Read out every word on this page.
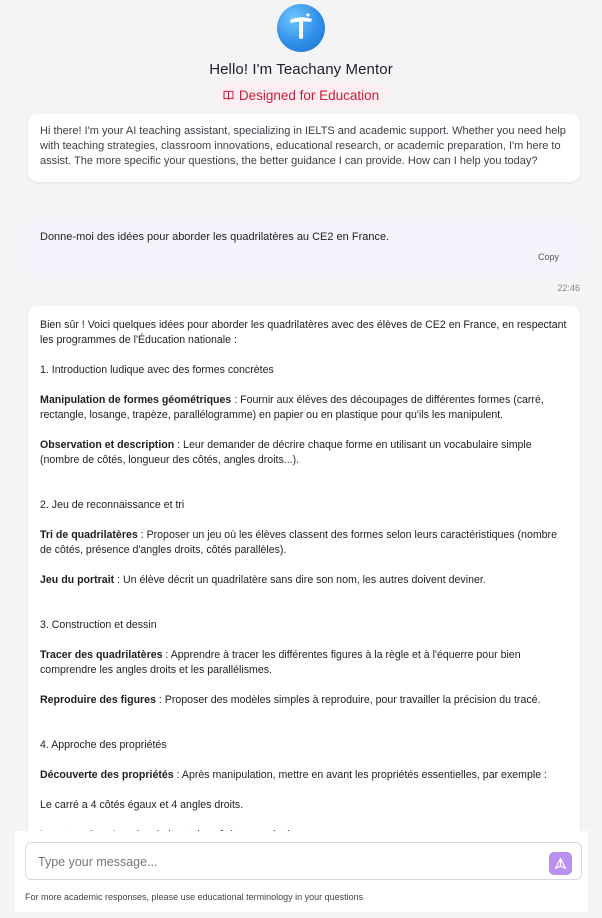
Hello! I'm Teachany Mentor
Designed for Education

Hi there! I'm your AI teaching assistant, specializing in IELTS and academic support. Whether you need help with teaching strategies, classroom innovations, educational research, or academic preparation, I'm here to assist. The more specific your questions, the better guidance I can provide. How can I help you today?

Donne-moi des idées pour aborder les quadrilatères au CE2 en France.

Copy
22:46

Bien sûr ! Voici quelques idées pour aborder les quadrilatères avec des élèves de CE2 en France, en respectant les programmes de l'Éducation nationale :

1. Introduction ludique avec des formes concrètes

Manipulation de formes géométriques : Fournir aux élèves des découpages de différentes formes (carré, rectangle, losange, trapèze, parallélogramme) en papier ou en plastique pour qu'ils les manipulent.

Observation et description : Leur demander de décrire chaque forme en utilisant un vocabulaire simple (nombre de côtés, longueur des côtés, angles droits...).

2. Jeu de reconnaissance et tri

Tri de quadrilatères : Proposer un jeu où les élèves classent des formes selon leurs caractéristiques (nombre de côtés, présence d'angles droits, côtés parallèles).

Jeu du portrait : Un élève décrit un quadrilatère sans dire son nom, les autres doivent deviner.

3. Construction et dessin

Tracer des quadrilatères : Apprendre à tracer les différentes figures à la règle et à l'équerre pour bien comprendre les angles droits et les parallélismes.

Reproduire des figures : Proposer des modèles simples à reproduire, pour travailler la précision du tracé.

4. Approche des propriétés

Découverte des propriétés : Après manipulation, mettre en avant les propriétés essentielles, par exemple :

Le carré a 4 côtés égaux et 4 angles droits.

Type your message...
For more academic responses, please use educational terminology in your questions
